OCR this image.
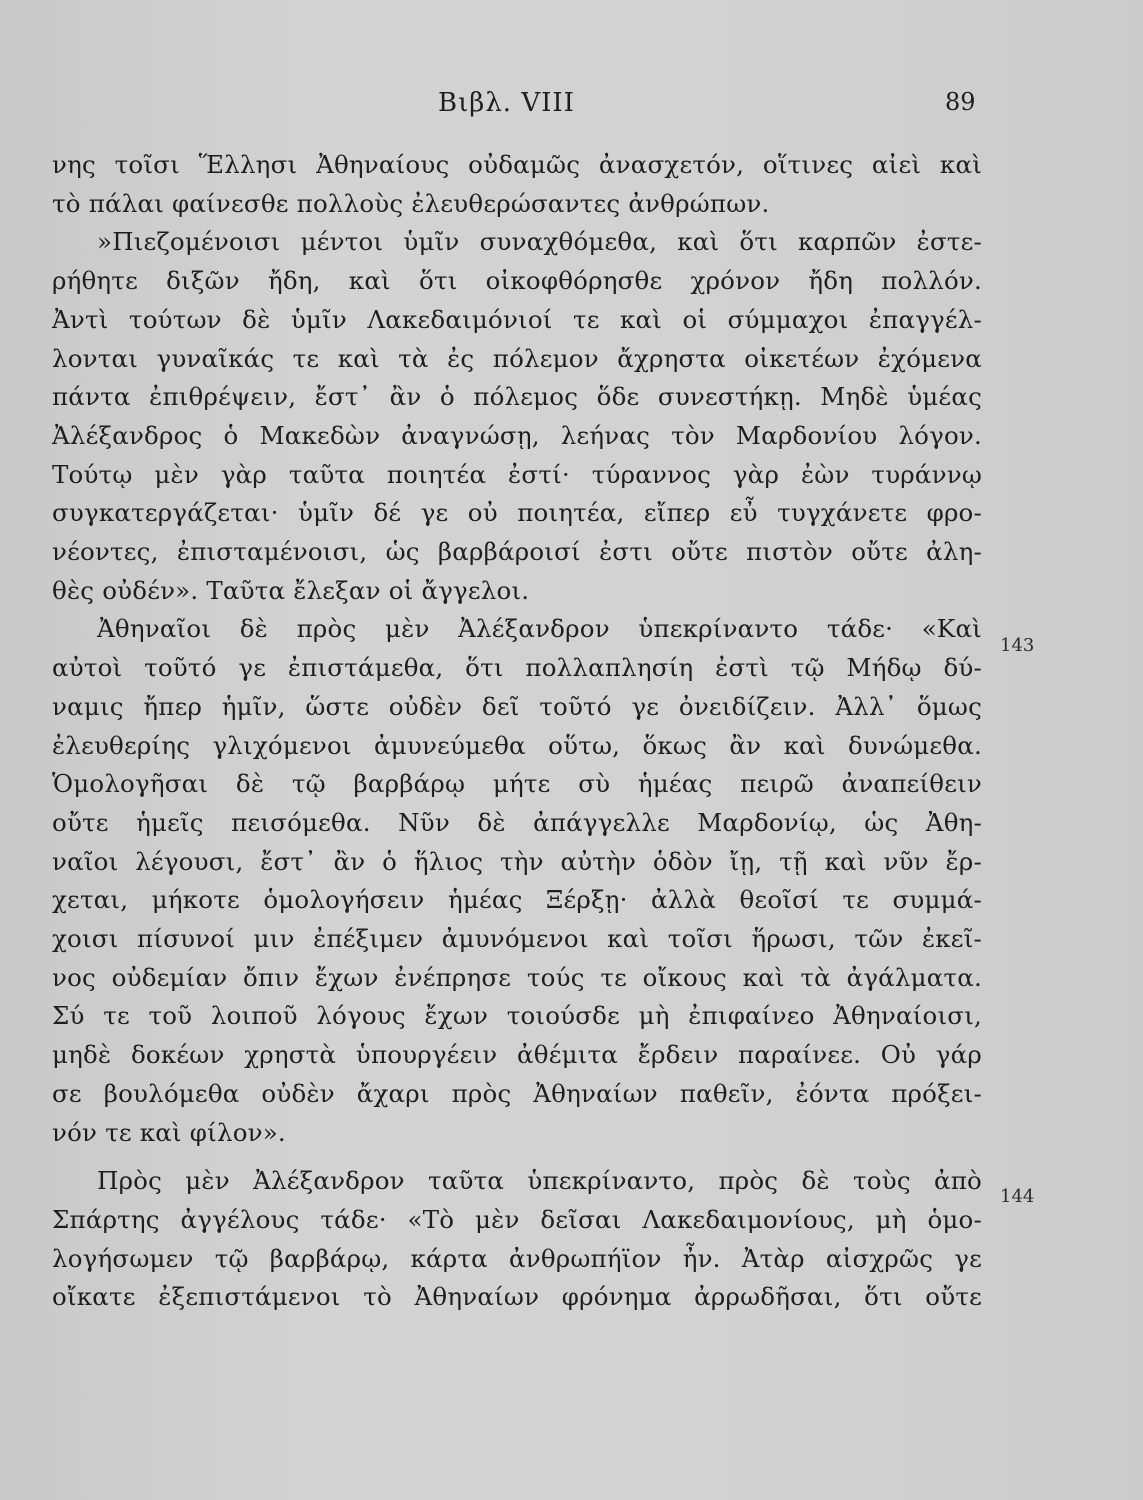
Βιβλ. VIII	89
143
144
νης τοῖσι Ἕλλησι Ἀθηναίους οὐδαμῶς ἀνασχετόν, οἵτινες αἰεὶ καὶ
τὸ πάλαι φαίνεσθε πολλοὺς ἐλευθερώσαντες ἀνθρώπων.
»Πιεζομένοισι μέντοι ὑμῖν συναχθόμεθα, καὶ ὅτι καρπῶν ἐστε-
ρήθητε διξῶν ἤδη, καὶ ὅτι οἰκοφθόρησθε χρόνον ἤδη πολλόν.
Ἀντὶ τούτων δὲ ὑμῖν Λακεδαιμόνιοί τε καὶ οἱ σύμμαχοι ἐπαγγέλ-
λονται γυναῖκάς τε καὶ τὰ ἐς πόλεμον ἄχρηστα οἰκετέων ἐχόμενα
πάντα ἐπιθρέψειν, ἔστ᾽ ἂν ὁ πόλεμος ὅδε συνεστήκῃ. Μηδὲ ὑμέας
Ἀλέξανδρος ὁ Μακεδὼν ἀναγνώσῃ, λεήνας τὸν Μαρδονίου λόγον.
Τούτῳ μὲν γὰρ ταῦτα ποιητέα ἐστί· τύραννος γὰρ ἐὼν τυράννῳ
συγκατεργάζεται· ὑμῖν δέ γε οὐ ποιητέα, εἴπερ εὖ τυγχάνετε φρο-
νέοντες, ἐπισταμένοισι, ὡς βαρβάροισί ἐστι οὔτε πιστὸν οὔτε ἀλη-
θὲς οὐδέν». Ταῦτα ἔλεξαν οἱ ἄγγελοι.
Ἀθηναῖοι δὲ πρὸς μὲν Ἀλέξανδρον ὑπεκρίναντο τάδε· «Καὶ
αὐτοὶ τοῦτό γε ἐπιστάμεθα, ὅτι πολλαπλησίη ἐστὶ τῷ Μήδῳ δύ-
ναμις ἤπερ ἡμῖν, ὥστε οὐδὲν δεῖ τοῦτό γε ὀνειδίζειν. Ἀλλ᾽ ὅμως
ἐλευθερίης γλιχόμενοι ἀμυνεύμεθα οὕτω, ὅκως ἂν καὶ δυνώμεθα.
Ὁμολογῆσαι δὲ τῷ βαρβάρῳ μήτε σὺ ἡμέας πειρῶ ἀναπείθειν
οὔτε ἡμεῖς πεισόμεθα. Νῦν δὲ ἀπάγγελλε Μαρδονίῳ, ὡς Ἀθη-
ναῖοι λέγουσι, ἔστ᾽ ἂν ὁ ἥλιος τὴν αὐτὴν ὁδὸν ἴῃ, τῇ καὶ νῦν ἔρ-
χεται, μήκοτε ὁμολογήσειν ἡμέας Ξέρξῃ· ἀλλὰ θεοῖσί τε συμμά-
χοισι πίσυνοί μιν ἐπέξιμεν ἀμυνόμενοι καὶ τοῖσι ἥρωσι, τῶν ἐκεῖ-
νος οὐδεμίαν ὄπιν ἔχων ἐνέπρησε τούς τε οἴκους καὶ τὰ ἀγάλματα.
Σύ τε τοῦ λοιποῦ λόγους ἔχων τοιούσδε μὴ ἐπιφαίνεο Ἀθηναίοισι,
μηδὲ δοκέων χρηστὰ ὑπουργέειν ἀθέμιτα ἔρδειν παραίνεε. Οὐ γάρ
σε βουλόμεθα οὐδὲν ἄχαρι πρὸς Ἀθηναίων παθεῖν, ἐόντα πρόξει-
νόν τε καὶ φίλον».
Πρὸς μὲν Ἀλέξανδρον ταῦτα ὑπεκρίναντο, πρὸς δὲ τοὺς ἀπὸ
Σπάρτης ἀγγέλους τάδε· «Τὸ μὲν δεῖσαι Λακεδαιμονίους, μὴ ὁμο-
λογήσωμεν τῷ βαρβάρῳ, κάρτα ἀνθρωπήϊον ἦν. Ἀτὰρ αἰσχρῶς γε
οἴκατε ἐξεπιστάμενοι τὸ Ἀθηναίων φρόνημα ἀρρωδῆσαι, ὅτι οὔτε
